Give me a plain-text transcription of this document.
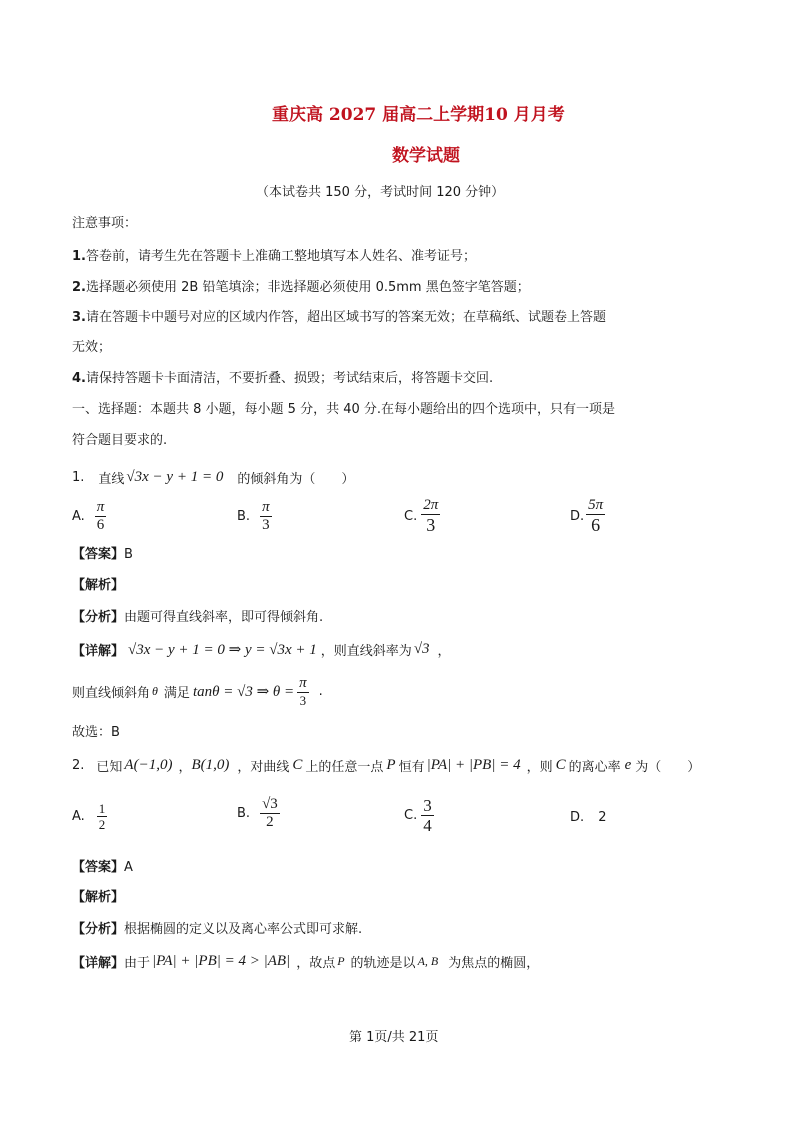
重庆高 2027 届高二上学期10 月月考
数学试题
（本试卷共 150 分，考试时间 120 分钟）
注意事项：
1.答卷前，请考生先在答题卡上准确工整地填写本人姓名、准考证号；
2.选择题必须使用 2B 铅笔填涂；非选择题必须使用 0.5mm 黑色签字笔答题；
3.请在答题卡中题号对应的区域内作答，超出区域书写的答案无效；在草稿纸、试题卷上答题
无效；
4.请保持答题卡卡面清洁，不要折叠、损毁；考试结束后，将答题卡交回.
一、选择题：本题共 8 小题，每小题 5 分，共 40 分.在每小题给出的四个选项中，只有一项是
符合题目要求的.
1. 直线 √3x − y + 1 = 0 的倾斜角为（　　）
A. $\frac{\pi}{6}$	B. $\frac{\pi}{3}$	C. $\frac{2\pi}{3}$	D. $\frac{5\pi}{6}$
【答案】B
【解析】
【分析】由题可得直线斜率，即可得倾斜角.
【详解】 √3x − y + 1 = 0 ⇒ y = √3x + 1 ，则直线斜率为 √3 ，
则直线倾斜角 θ 满足 tanθ = √3 ⇒ $\theta = \frac{\pi}{3}$ .
故选：B
2. 已知 A(−1,0) ， B(1,0) ，对曲线 C 上的任意一点 P 恒有 |PA| + |PB| = 4 ，则 C 的离心率 e 为（　　）
A. $\frac{1}{2}$	B. $\frac{√3}{2}$	C. $\frac{3}{4}$	D. 2
【答案】A
【解析】
【分析】根据椭圆的定义以及离心率公式即可求解.
【详解】 由于 |PA| + |PB| = 4 > |AB| ，故点 P 的轨迹是以 A, B 为焦点的椭圆，
第 1页/共 21页
